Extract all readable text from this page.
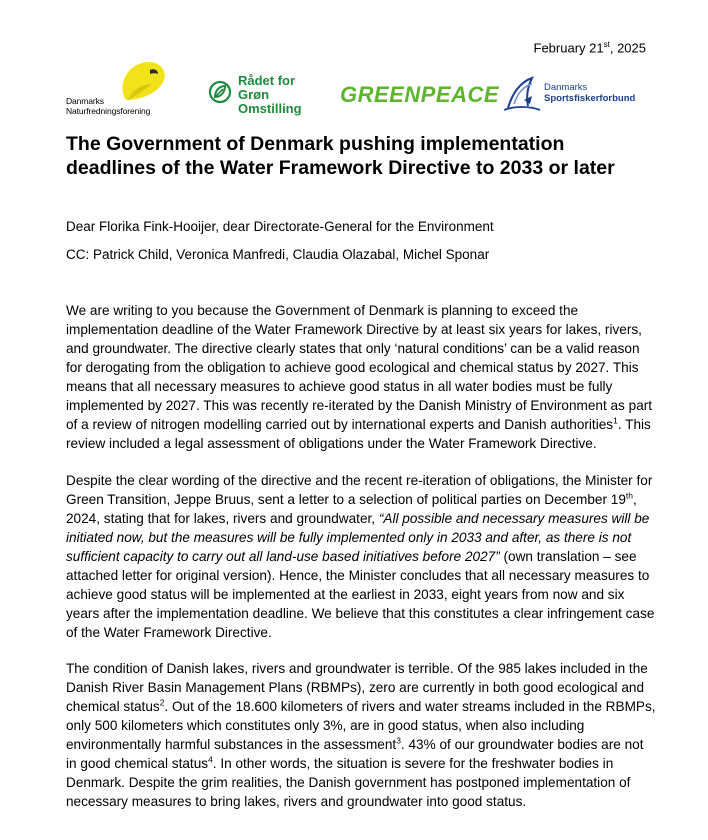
February 21st, 2025
Danmarks
Naturfredningsforening
Rådet for
Grøn
Omstilling
GREENPEACE	Danmarks
Sportsfiskerforbund
The Government of Denmark pushing implementation deadlines of the Water Framework Directive to 2033 or later
Dear Florika Fink-Hooijer, dear Directorate-General for the Environment
CC: Patrick Child, Veronica Manfredi, Claudia Olazabal, Michel Sponar

We are writing to you because the Government of Denmark is planning to exceed the implementation deadline of the Water Framework Directive by at least six years for lakes, rivers, and groundwater. The directive clearly states that only ‘natural conditions’ can be a valid reason for derogating from the obligation to achieve good ecological and chemical status by 2027. This means that all necessary measures to achieve good status in all water bodies must be fully implemented by 2027. This was recently re-iterated by the Danish Ministry of Environment as part of a review of nitrogen modelling carried out by international experts and Danish authorities$^1$. This review included a legal assessment of obligations under the Water Framework Directive.

Despite the clear wording of the directive and the recent re-iteration of obligations, the Minister for Green Transition, Jeppe Bruus, sent a letter to a selection of political parties on December 19th, 2024, stating that for lakes, rivers and groundwater, “All possible and necessary measures will be initiated now, but the measures will be fully implemented only in 2033 and after, as there is not sufficient capacity to carry out all land-use based initiatives before 2027” (own translation – see attached letter for original version). Hence, the Minister concludes that all necessary measures to achieve good status will be implemented at the earliest in 2033, eight years from now and six years after the implementation deadline. We believe that this constitutes a clear infringement case of the Water Framework Directive.

The condition of Danish lakes, rivers and groundwater is terrible. Of the 985 lakes included in the Danish River Basin Management Plans (RBMPs), zero are currently in both good ecological and chemical status$^2$. Out of the 18.600 kilometers of rivers and water streams included in the RBMPs, only 500 kilometers which constitutes only 3%, are in good status, when also including environmentally harmful substances in the assessment$^3$. 43% of our groundwater bodies are not in good chemical status$^4$. In other words, the situation is severe for the freshwater bodies in Denmark. Despite the grim realities, the Danish government has postponed implementation of necessary measures to bring lakes, rivers and groundwater into good status.
